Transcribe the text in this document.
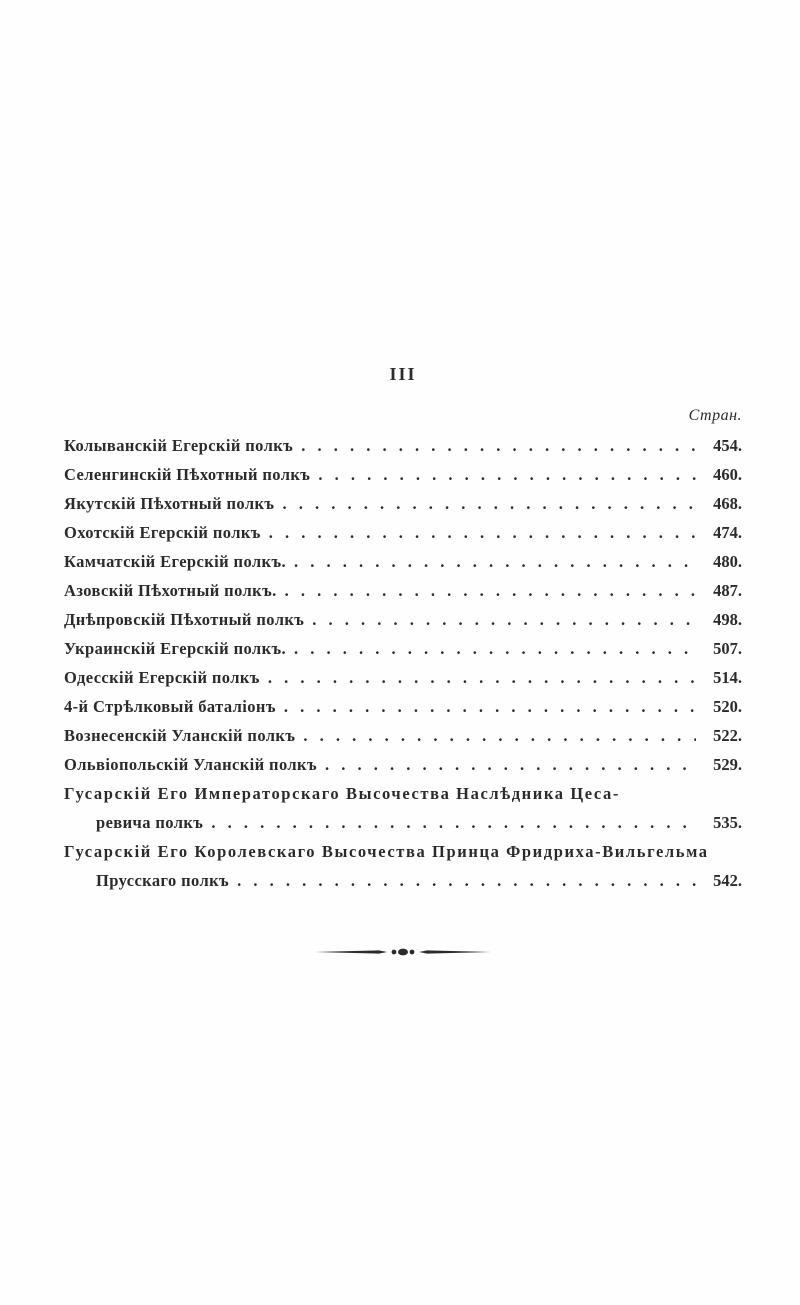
III
Стран.
Колыванскій Егерскій полкъ . . .	454.
Селенгинскій Пѣхотный полкъ . . .	460.
Якутскій Пѣхотный полкъ . . .	468.
Охотскій Егерскій полкъ . . .	474.
Камчатскій Егерскій полкъ. . . .	480.
Азовскій Пѣхотный полкъ. . . .	487.
Днѣпровскій Пѣхотный полкъ . . .	498.
Украинскій Егерскій полкъ. . . .	507.
Одесскій Егерскій полкъ . . .	514.
4-й Стрѣлковый баталіонъ . . .	520.
Вознесенскій Уланскій полкъ . . .	522.
Ольвіопольскій Уланскій полкъ . . .	529.
Гусарскій Его Императорскаго Высочества Наслѣдника Цеса-
ревича полкъ . . .	535.
Гусарскій Его Королевскаго Высочества Принца Фридриха-Вильгельма
Прусскаго полкъ . . .	542.
